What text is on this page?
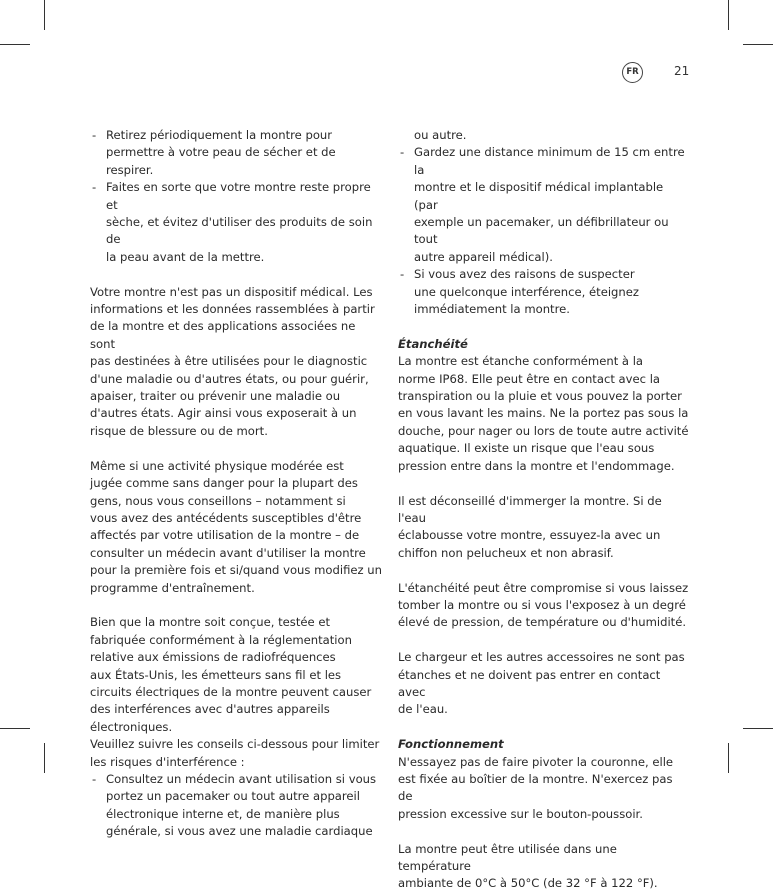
FR	21
- Retirez périodiquement la montre pour
permettre à votre peau de sécher et de respirer.
- Faites en sorte que votre montre reste propre et
sèche, et évitez d'utiliser des produits de soin de
la peau avant de la mettre.

Votre montre n'est pas un dispositif médical. Les
informations et les données rassemblées à partir
de la montre et des applications associées ne sont
pas destinées à être utilisées pour le diagnostic
d'une maladie ou d'autres états, ou pour guérir,
apaiser, traiter ou prévenir une maladie ou
d'autres états. Agir ainsi vous exposerait à un
risque de blessure ou de mort.

Même si une activité physique modérée est
jugée comme sans danger pour la plupart des
gens, nous vous conseillons – notamment si
vous avez des antécédents susceptibles d'être
affectés par votre utilisation de la montre – de
consulter un médecin avant d'utiliser la montre
pour la première fois et si/quand vous modifiez un
programme d'entraînement.

Bien que la montre soit conçue, testée et
fabriquée conformément à la réglementation
relative aux émissions de radiofréquences
aux États-Unis, les émetteurs sans fil et les
circuits électriques de la montre peuvent causer
des interférences avec d'autres appareils
électroniques.
Veuillez suivre les conseils ci-dessous pour limiter
les risques d'interférence :

- Consultez un médecin avant utilisation si vous
portez un pacemaker ou tout autre appareil
électronique interne et, de manière plus
générale, si vous avez une maladie cardiaque
ou autre.
- Gardez une distance minimum de 15 cm entre la
montre et le dispositif médical implantable (par
exemple un pacemaker, un défibrillateur ou tout
autre appareil médical).
- Si vous avez des raisons de suspecter
une quelconque interférence, éteignez
immédiatement la montre.

Étanchéité

La montre est étanche conformément à la
norme IP68. Elle peut être en contact avec la
transpiration ou la pluie et vous pouvez la porter
en vous lavant les mains. Ne la portez pas sous la
douche, pour nager ou lors de toute autre activité
aquatique. Il existe un risque que l'eau sous
pression entre dans la montre et l'endommage.

Il est déconseillé d'immerger la montre. Si de l'eau
éclabousse votre montre, essuyez-la avec un
chiffon non pelucheux et non abrasif.

L'étanchéité peut être compromise si vous laissez
tomber la montre ou si vous l'exposez à un degré
élevé de pression, de température ou d'humidité.

Le chargeur et les autres accessoires ne sont pas
étanches et ne doivent pas entrer en contact avec
de l'eau.

Fonctionnement

N'essayez pas de faire pivoter la couronne, elle
est fixée au boîtier de la montre. N'exercez pas de
pression excessive sur le bouton-poussoir.

La montre peut être utilisée dans une température
ambiante de 0°C à 50°C (de 32 °F à 122 °F).
